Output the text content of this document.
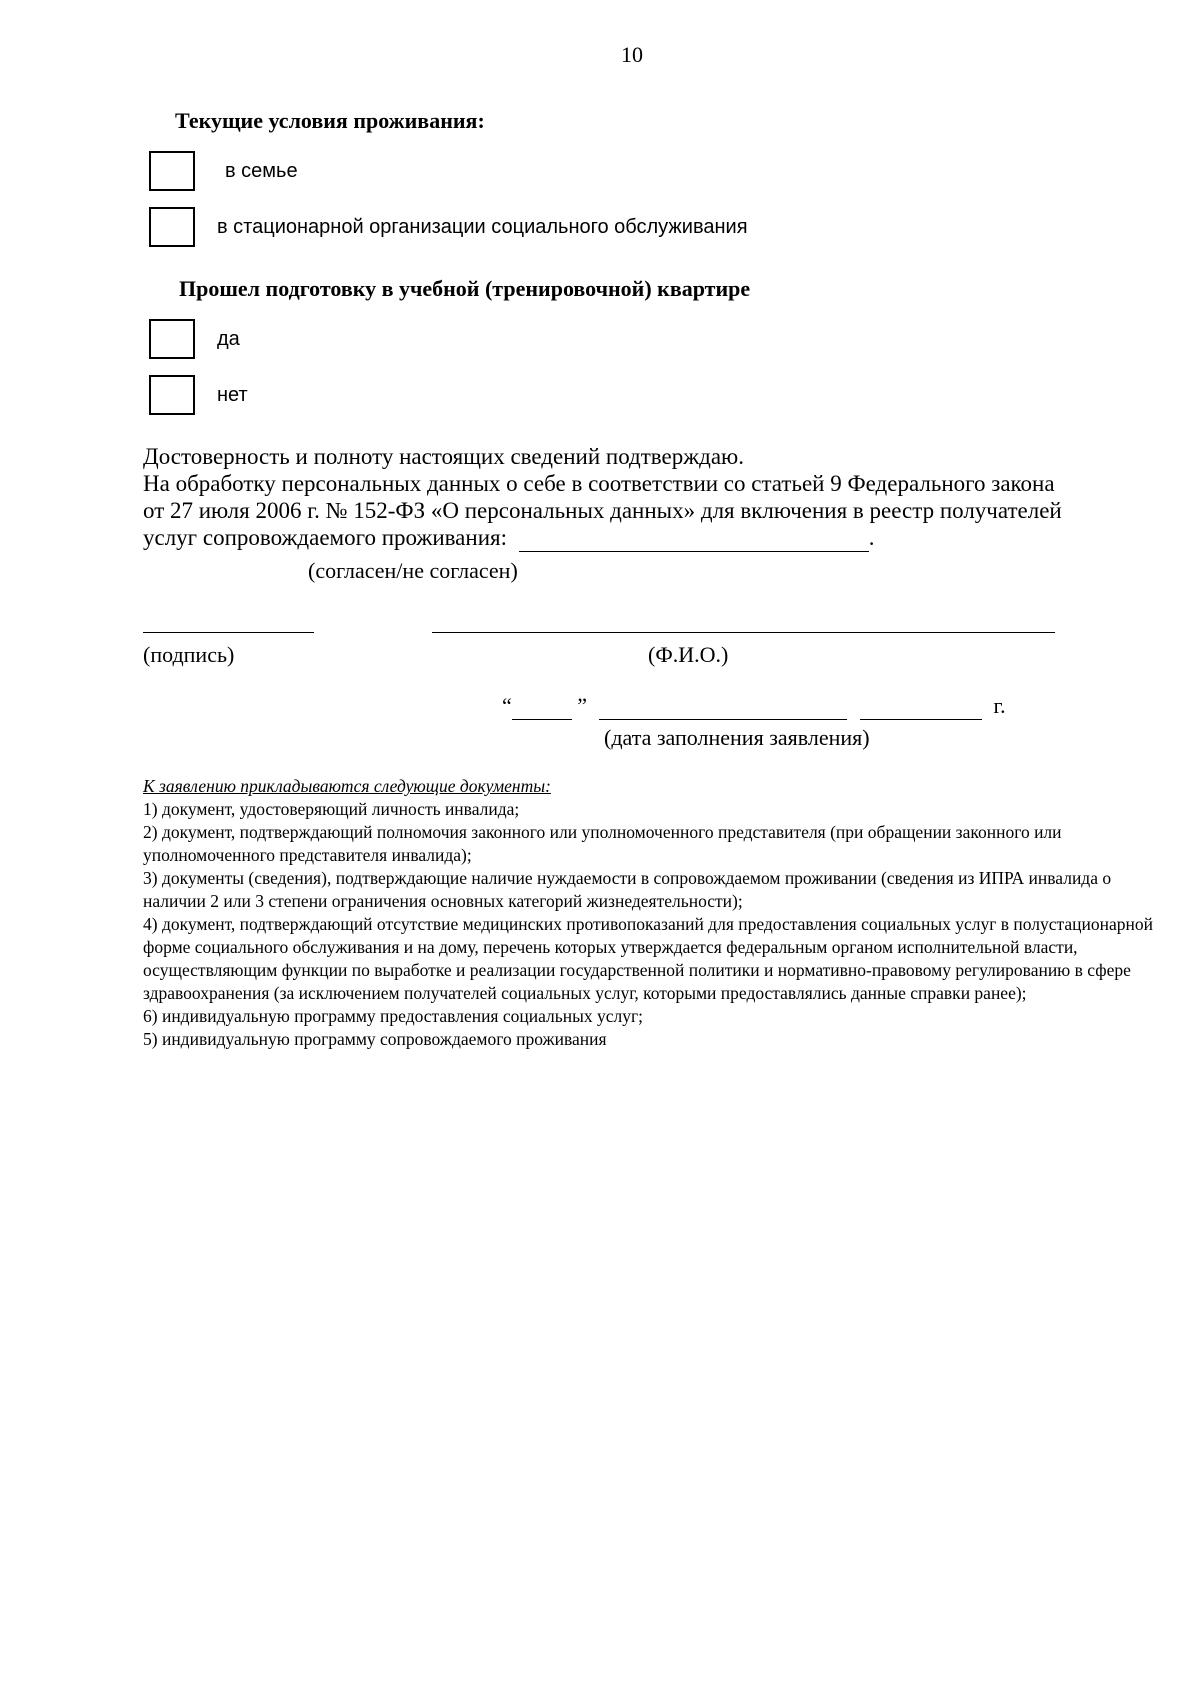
10
Текущие условия проживания:
в семье
в стационарной организации социального обслуживания
Прошел подготовку в учебной (тренировочной) квартире
да
нет

Достоверность и полноту настоящих сведений подтверждаю.

На обработку персональных данных о себе в соответствии со статьей 9 Федерального закона

от 27 июля 2006 г. № 152-ФЗ «О персональных данных» для включения в реестр получателей

услуг сопровождаемого проживания:	.

(согласен/не согласен)
(подпись)	(Ф.И.О.)
“	”	г.
(дата заполнения заявления)

К заявлению прикладываются следующие документы:

1) документ, удостоверяющий личность инвалида;

2) документ, подтверждающий полномочия законного или уполномоченного представителя (при обращении законного или уполномоченного представителя инвалида);

3) документы (сведения), подтверждающие наличие нуждаемости в сопровождаемом проживании (сведения из ИПРА инвалида о наличии 2 или 3 степени ограничения основных категорий жизнедеятельности);

4) документ, подтверждающий отсутствие медицинских противопоказаний для предоставления социальных услуг в полустационарной форме социального обслуживания и на дому, перечень которых утверждается федеральным органом исполнительной власти, осуществляющим функции по выработке и реализации государственной политики и нормативно-правовому регулированию в сфере здравоохранения (за исключением получателей социальных услуг, которыми предоставлялись данные справки ранее);

6) индивидуальную программу предоставления социальных услуг;

5) индивидуальную программу сопровождаемого проживания
